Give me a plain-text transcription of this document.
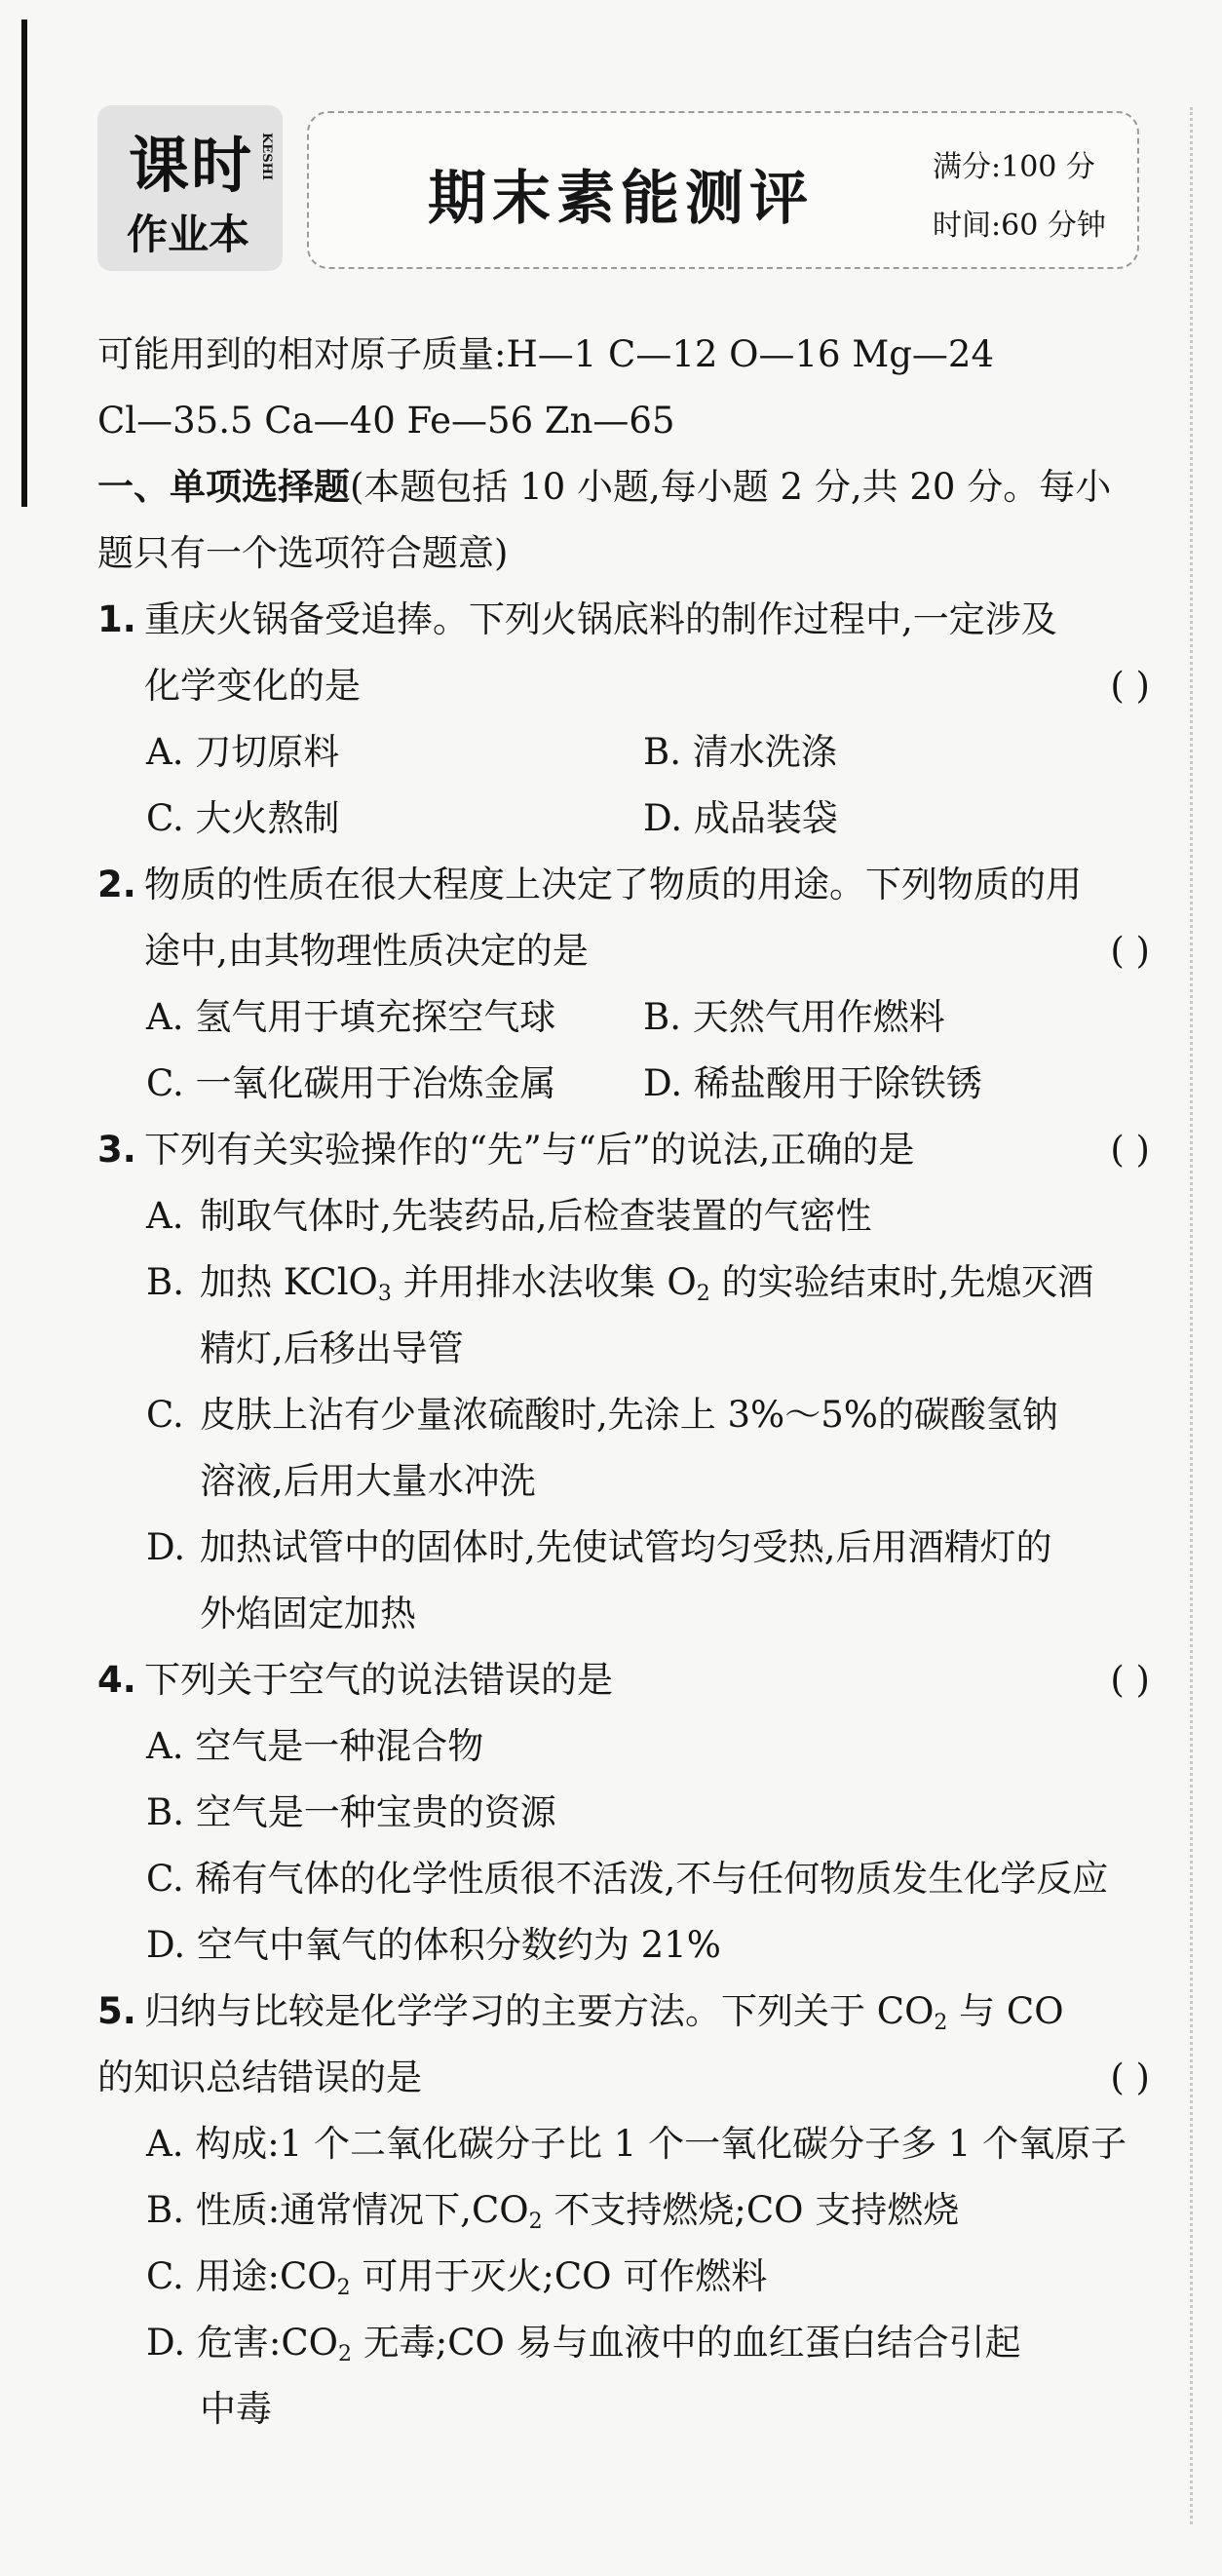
课时
作业本
KESHI
期末素能测评	满分:100 分
时间:60 分钟
可能用到的相对原子质量:H—1 C—12 O—16 Mg—24
Cl—35.5 Ca—40 Fe—56 Zn—65
一、单项选择题(本题包括 10 小题,每小题 2 分,共 20 分。每小
题只有一个选项符合题意)
1. 重庆火锅备受追捧。下列火锅底料的制作过程中,一定涉及
化学变化的是	( )
A. 刀切原料	B. 清水洗涤
C. 大火熬制	D. 成品装袋
2. 物质的性质在很大程度上决定了物质的用途。下列物质的用
途中,由其物理性质决定的是	( )
A. 氢气用于填充探空气球	B. 天然气用作燃料
C. 一氧化碳用于冶炼金属	D. 稀盐酸用于除铁锈
3. 下列有关实验操作的“先”与“后”的说法,正确的是	( )
A. 制取气体时,先装药品,后检查装置的气密性
B. 加热 KClO$_3$ 并用排水法收集 $O_2$ 的实验结束时,先熄灭酒
精灯,后移出导管
C. 皮肤上沾有少量浓硫酸时,先涂上 3%～5%的碳酸氢钠
溶液,后用大量水冲洗
D. 加热试管中的固体时,先使试管均匀受热,后用酒精灯的
外焰固定加热
4. 下列关于空气的说法错误的是	( )
A. 空气是一种混合物
B. 空气是一种宝贵的资源
C. 稀有气体的化学性质很不活泼,不与任何物质发生化学反应
D. 空气中氧气的体积分数约为 21%
5. 归纳与比较是化学学习的主要方法。下列关于 $CO_2$ 与 CO
的知识总结错误的是	( )
A. 构成:1 个二氧化碳分子比 1 个一氧化碳分子多 1 个氧原子
B. 性质:通常情况下$,CO_2$ 不支持燃烧;CO 支持燃烧
C. 用途$:CO_2$ 可用于灭火;CO 可作燃料
D. 危害$:CO_2$ 无毒;CO 易与血液中的血红蛋白结合引起
中毒
